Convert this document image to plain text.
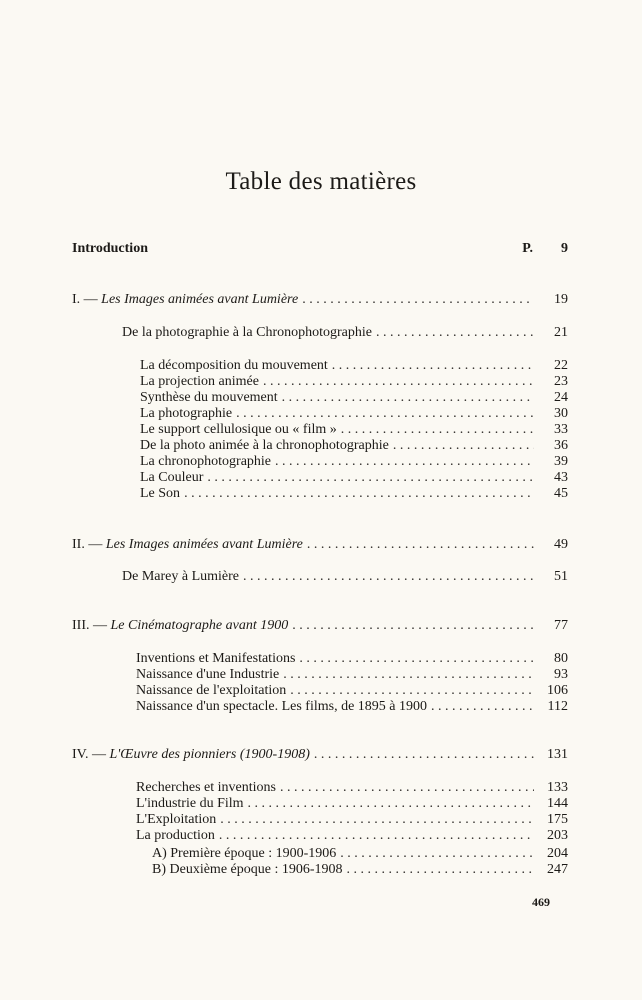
Table des matières
Introduction	P. 9
I. — Les Images animées avant Lumière . . .	19
De la photographie à la Chronophotographie . . .	21
La décomposition du mouvement . . .	22
La projection animée . . .	23
Synthèse du mouvement . . .	24
La photographie . . .	30
Le support cellulosique ou « film » . . .	33
De la photo animée à la chronophotographie . . .	36
La chronophotographie . . .	39
La Couleur . . .	43
Le Son . . .	45
II. — Les Images animées avant Lumière . . .	49
De Marey à Lumière . . .	51
III. — Le Cinématographe avant 1900 . . .	77
Inventions et Manifestations . . .	80
Naissance d'une Industrie . . .	93
Naissance de l'exploitation . . .	106
Naissance d'un spectacle. Les films, de 1895 à 1900 . . .	112
IV. — L'Œuvre des pionniers (1900-1908) . . .	131
Recherches et inventions . . .	133
L'industrie du Film . . .	144
L'Exploitation . . .	175
La production . . .	203
A) Première époque : 1900-1906 . . .	204
B) Deuxième époque : 1906-1908 . . .	247
469
